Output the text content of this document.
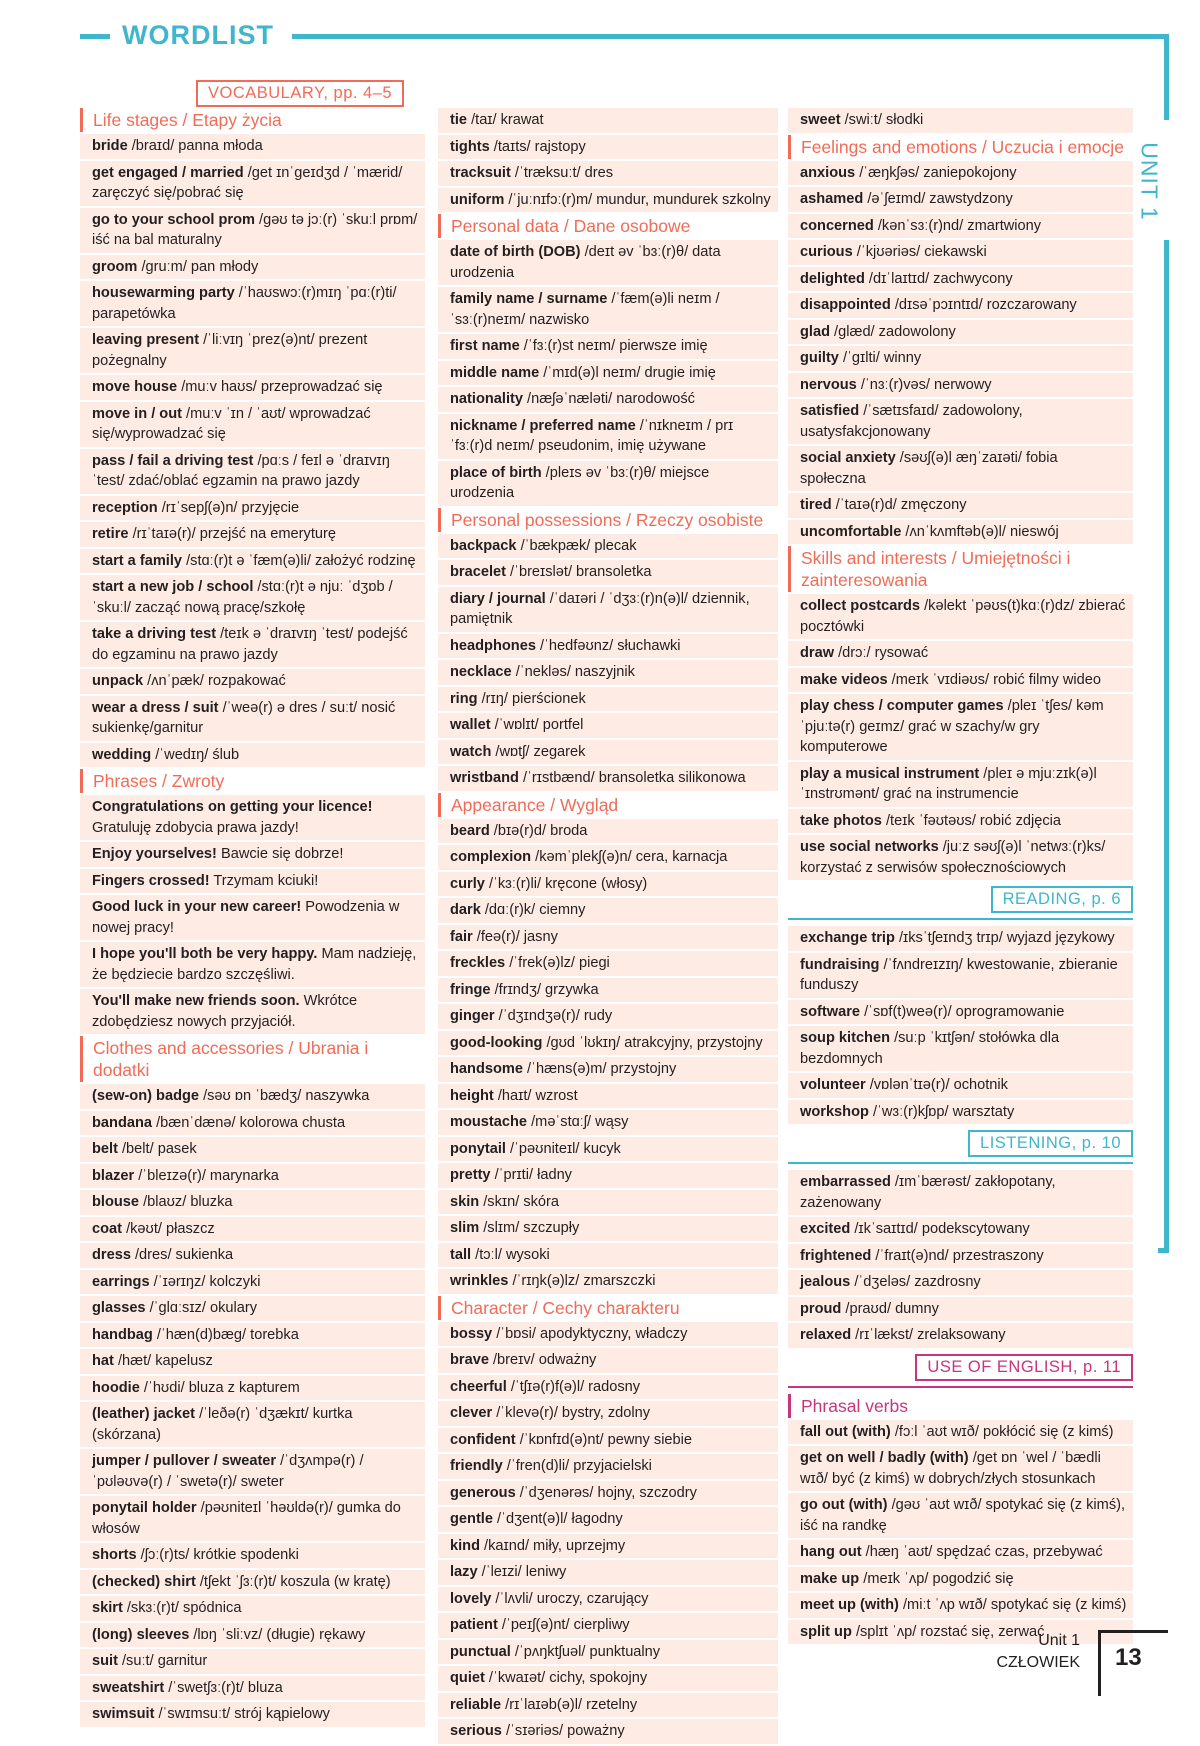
WORDLIST
UNIT 1
VOCABULARY, pp. 4–5
Life stages / Etapy życia
bride /braɪd/ panna młoda
get engaged / married /get ɪnˈgeɪdʒd / ˈmærid/ zaręczyć się/pobrać się
go to your school prom /gəʊ tə jɔː(r) ˈskuːl prɒm/ iść na bal maturalny
groom /gruːm/ pan młody
housewarming party /ˈhaʊswɔː(r)mɪŋ ˈpɑː(r)ti/ parapetówka
leaving present /ˈliːvɪŋ ˈprez(ə)nt/ prezent pożegnalny
move house /muːv haʊs/ przeprowadzać się
move in / out /muːv ˈɪn / ˈaʊt/ wprowadzać się/wyprowadzać się
pass / fail a driving test /pɑːs / feɪl ə ˈdraɪvɪŋ ˈtest/ zdać/oblać egzamin na prawo jazdy
reception /rɪˈsepʃ(ə)n/ przyjęcie
retire /rɪˈtaɪə(r)/ przejść na emeryturę
start a family /stɑː(r)t ə ˈfæm(ə)li/ założyć rodzinę
start a new job / school /stɑː(r)t ə njuː ˈdʒɒb / ˈskuːl/ zacząć nową pracę/szkołę
take a driving test /teɪk ə ˈdraɪvɪŋ ˈtest/ podejść do egzaminu na prawo jazdy
unpack /ʌnˈpæk/ rozpakować
wear a dress / suit /ˈweə(r) ə dres / suːt/ nosić sukienkę/garnitur
wedding /ˈwedɪŋ/ ślub
Phrases / Zwroty
Congratulations on getting your licence! Gratuluję zdobycia prawa jazdy!
Enjoy yourselves! Bawcie się dobrze!
Fingers crossed! Trzymam kciuki!
Good luck in your new career! Powodzenia w nowej pracy!
I hope you'll both be very happy. Mam nadzieję, że będziecie bardzo szczęśliwi.
You'll make new friends soon. Wkrótce zdobędziesz nowych przyjaciół.
Clothes and accessories / Ubrania i dodatki
(sew-on) badge /səʊ ɒn ˈbædʒ/ naszywka
bandana /bænˈdænə/ kolorowa chusta
belt /belt/ pasek
blazer /ˈbleɪzə(r)/ marynarka
blouse /blaʊz/ bluzka
coat /kəʊt/ płaszcz
dress /dres/ sukienka
earrings /ˈɪərɪŋz/ kolczyki
glasses /ˈglɑːsɪz/ okulary
handbag /ˈhæn(d)bæg/ torebka
hat /hæt/ kapelusz
hoodie /ˈhʊdi/ bluza z kapturem
(leather) jacket /ˈleðə(r) ˈdʒækɪt/ kurtka (skórzana)
jumper / pullover / sweater /ˈdʒʌmpə(r) / ˈpʊləʊvə(r) / ˈswetə(r)/ sweter
ponytail holder /pəʊniteɪl ˈhəʊldə(r)/ gumka do włosów
shorts /ʃɔː(r)ts/ krótkie spodenki
(checked) shirt /tʃekt ˈʃɜː(r)t/ koszula (w kratę)
skirt /skɜː(r)t/ spódnica
(long) sleeves /lɒŋ ˈsliːvz/ (długie) rękawy
suit /suːt/ garnitur
sweatshirt /ˈswetʃɜː(r)t/ bluza
swimsuit /ˈswɪmsuːt/ strój kąpielowy
tie /taɪ/ krawat
tights /taɪts/ rajstopy
tracksuit /ˈtræksuːt/ dres
uniform /ˈjuːnɪfɔː(r)m/ mundur, mundurek szkolny
Personal data / Dane osobowe
date of birth (DOB) /deɪt əv ˈbɜː(r)θ/ data urodzenia
family name / surname /ˈfæm(ə)li neɪm / ˈsɜː(r)neɪm/ nazwisko
first name /ˈfɜː(r)st neɪm/ pierwsze imię
middle name /ˈmɪd(ə)l neɪm/ drugie imię
nationality /næʃəˈnæləti/ narodowość
nickname / preferred name /ˈnɪkneɪm / prɪˈfɜː(r)d neɪm/ pseudonim, imię używane
place of birth /pleɪs əv ˈbɜː(r)θ/ miejsce urodzenia
Personal possessions / Rzeczy osobiste
backpack /ˈbækpæk/ plecak
bracelet /ˈbreɪslət/ bransoletka
diary / journal /ˈdaɪəri / ˈdʒɜː(r)n(ə)l/ dziennik, pamiętnik
headphones /ˈhedfəʊnz/ słuchawki
necklace /ˈnekləs/ naszyjnik
ring /rɪŋ/ pierścionek
wallet /ˈwɒlɪt/ portfel
watch /wɒtʃ/ zegarek
wristband /ˈrɪstbænd/ bransoletka silikonowa
Appearance / Wygląd
beard /bɪə(r)d/ broda
complexion /kəmˈplekʃ(ə)n/ cera, karnacja
curly /ˈkɜː(r)li/ kręcone (włosy)
dark /dɑː(r)k/ ciemny
fair /feə(r)/ jasny
freckles /ˈfrek(ə)lz/ piegi
fringe /frɪndʒ/ grzywka
ginger /ˈdʒɪndʒə(r)/ rudy
good-looking /gʊd ˈlʊkɪŋ/ atrakcyjny, przystojny
handsome /ˈhæns(ə)m/ przystojny
height /haɪt/ wzrost
moustache /məˈstɑːʃ/ wąsy
ponytail /ˈpəʊniteɪl/ kucyk
pretty /ˈprɪti/ ładny
skin /skɪn/ skóra
slim /slɪm/ szczupły
tall /tɔːl/ wysoki
wrinkles /ˈrɪŋk(ə)lz/ zmarszczki
Character / Cechy charakteru
bossy /ˈbɒsi/ apodyktyczny, władczy
brave /breɪv/ odważny
cheerful /ˈtʃɪə(r)f(ə)l/ radosny
clever /ˈklevə(r)/ bystry, zdolny
confident /ˈkɒnfɪd(ə)nt/ pewny siebie
friendly /ˈfren(d)li/ przyjacielski
generous /ˈdʒenərəs/ hojny, szczodry
gentle /ˈdʒent(ə)l/ łagodny
kind /kaɪnd/ miły, uprzejmy
lazy /ˈleɪzi/ leniwy
lovely /ˈlʌvli/ uroczy, czarujący
patient /ˈpeɪʃ(ə)nt/ cierpliwy
punctual /ˈpʌŋktʃuəl/ punktualny
quiet /ˈkwaɪət/ cichy, spokojny
reliable /rɪˈlaɪəb(ə)l/ rzetelny
serious /ˈsɪəriəs/ poważny
sweet /swiːt/ słodki
Feelings and emotions / Uczucia i emocje
anxious /ˈæŋkʃəs/ zaniepokojony
ashamed /əˈʃeɪmd/ zawstydzony
concerned /kənˈsɜː(r)nd/ zmartwiony
curious /ˈkjʊəriəs/ ciekawski
delighted /dɪˈlaɪtɪd/ zachwycony
disappointed /dɪsəˈpɔɪntɪd/ rozczarowany
glad /glæd/ zadowolony
guilty /ˈgɪlti/ winny
nervous /ˈnɜː(r)vəs/ nerwowy
satisfied /ˈsætɪsfaɪd/ zadowolony, usatysfakcjonowany
social anxiety /səʊʃ(ə)l æŋˈzaɪəti/ fobia społeczna
tired /ˈtaɪə(r)d/ zmęczony
uncomfortable /ʌnˈkʌmftəb(ə)l/ nieswój
Skills and interests / Umiejętności i zainteresowania
collect postcards /kəlekt ˈpəʊs(t)kɑː(r)dz/ zbierać pocztówki
draw /drɔː/ rysować
make videos /meɪk ˈvɪdiəʊs/ robić filmy wideo
play chess / computer games /pleɪ ˈtʃes/ kəmˈpjuːtə(r) geɪmz/ grać w szachy/w gry komputerowe
play a musical instrument /pleɪ ə mjuːzɪk(ə)l ˈɪnstrʊmənt/ grać na instrumencie
take photos /teɪk ˈfəʊtəʊs/ robić zdjęcia
use social networks /juːz səʊʃ(ə)l ˈnetwɜː(r)ks/ korzystać z serwisów społecznościowych
READING, p. 6
exchange trip /ɪksˈtʃeɪndʒ trɪp/ wyjazd językowy
fundraising /ˈfʌndreɪzɪŋ/ kwestowanie, zbieranie funduszy
software /ˈsɒf(t)weə(r)/ oprogramowanie
soup kitchen /suːp ˈkɪtʃən/ stołówka dla bezdomnych
volunteer /vɒlənˈtɪə(r)/ ochotnik
workshop /ˈwɜː(r)kʃɒp/ warsztaty
LISTENING, p. 10
embarrassed /ɪmˈbærəst/ zakłopotany, zażenowany
excited /ɪkˈsaɪtɪd/ podekscytowany
frightened /ˈfraɪt(ə)nd/ przestraszony
jealous /ˈdʒeləs/ zazdrosny
proud /praʊd/ dumny
relaxed /rɪˈlækst/ zrelaksowany
USE OF ENGLISH, p. 11
Phrasal verbs
fall out (with) /fɔːl ˈaʊt wɪð/ pokłócić się (z kimś)
get on well / badly (with) /get ɒn ˈwel / ˈbædli wɪð/ być (z kimś) w dobrych/złych stosunkach
go out (with) /gəʊ ˈaʊt wɪð/ spotykać się (z kimś), iść na randkę
hang out /hæŋ ˈaʊt/ spędzać czas, przebywać
make up /meɪk ˈʌp/ pogodzić się
meet up (with) /miːt ˈʌp wɪð/ spotykać się (z kimś)
split up /splɪt ˈʌp/ rozstać się, zerwać
Unit 1
CZŁOWIEK 13
